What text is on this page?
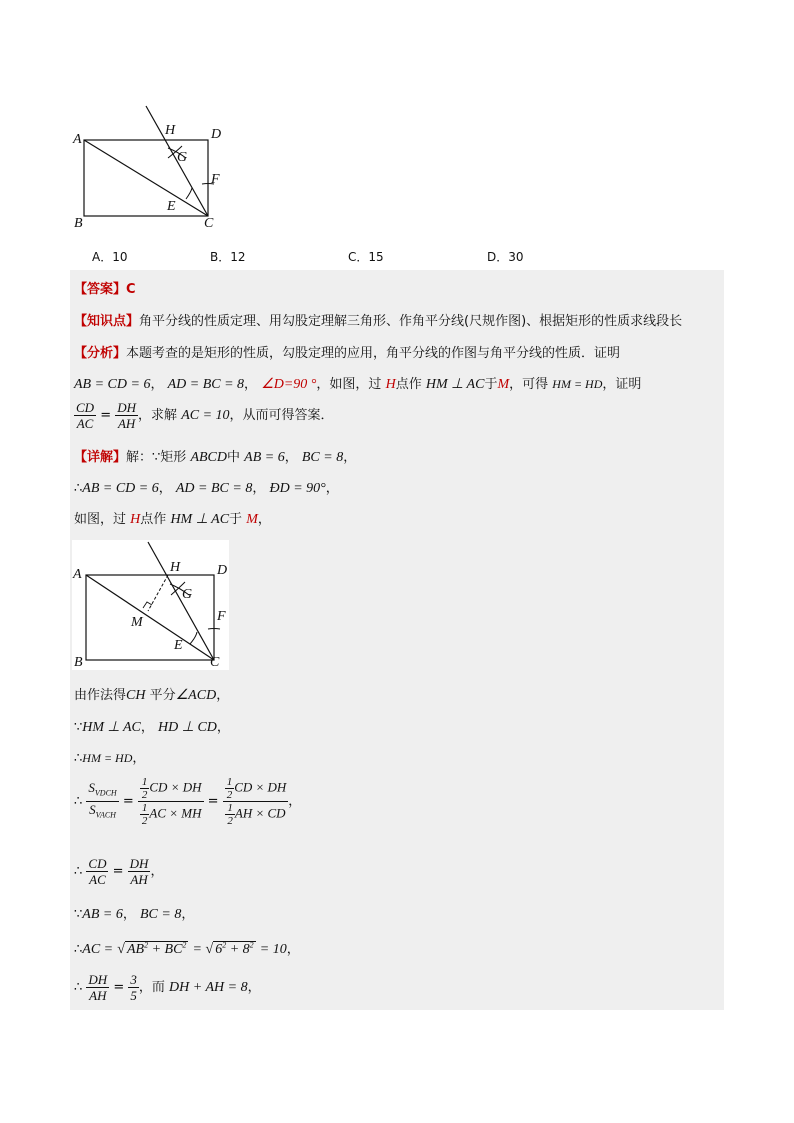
A
B	C
D
H
G
F
E
A．10	B．12	C．15	D．30
【答案】C
【知识点】角平分线的性质定理、用勾股定理解三角形、作角平分线(尺规作图)、根据矩形的性质求线段长
【分析】本题考查的是矩形的性质，勾股定理的应用，角平分线的作图与角平分线的性质．证明
AB = CD = 6， AD = BC = 8， ∠D=90 °，如图，过 H点作 HM ⊥ AC于M，可得 HM = HD，证明
$\frac{CD}{AC} = \frac{DH}{AH}$ ，求解 AC = 10，从而可得答案．
【详解】解：∵矩形 ABCD中 AB = 6， BC = 8，
∴AB = CD = 6， AD = BC = 8， ÐD = 90°，
如图，过 H点作 HM ⊥ AC于 M，
A
B	C
D
H
G
F
E
M
由作法得CH 平分∠ACD，
∵HM ⊥ AC， HD ⊥ CD，
∴HM = HD，
∴ $\frac{S_{VDCH}}{S_{VACH}} = \frac{\frac{1}{2} CD \times DH}{\frac{1}{2} AC \times MH} = \frac{\frac{1}{2} CD \times DH}{\frac{1}{2} AH \times CD}$ ，
∴ $\frac{CD}{AC} = \frac{DH}{AH}$ ，
∵AB = 6， BC = 8，
∴AC = √ $AB^2 + BC^2$ = √ $6^2 + 8^2 = 10$，
∴ $\frac{DH}{AH} = \frac{3}{5}$ ，而 DH + AH = 8，
